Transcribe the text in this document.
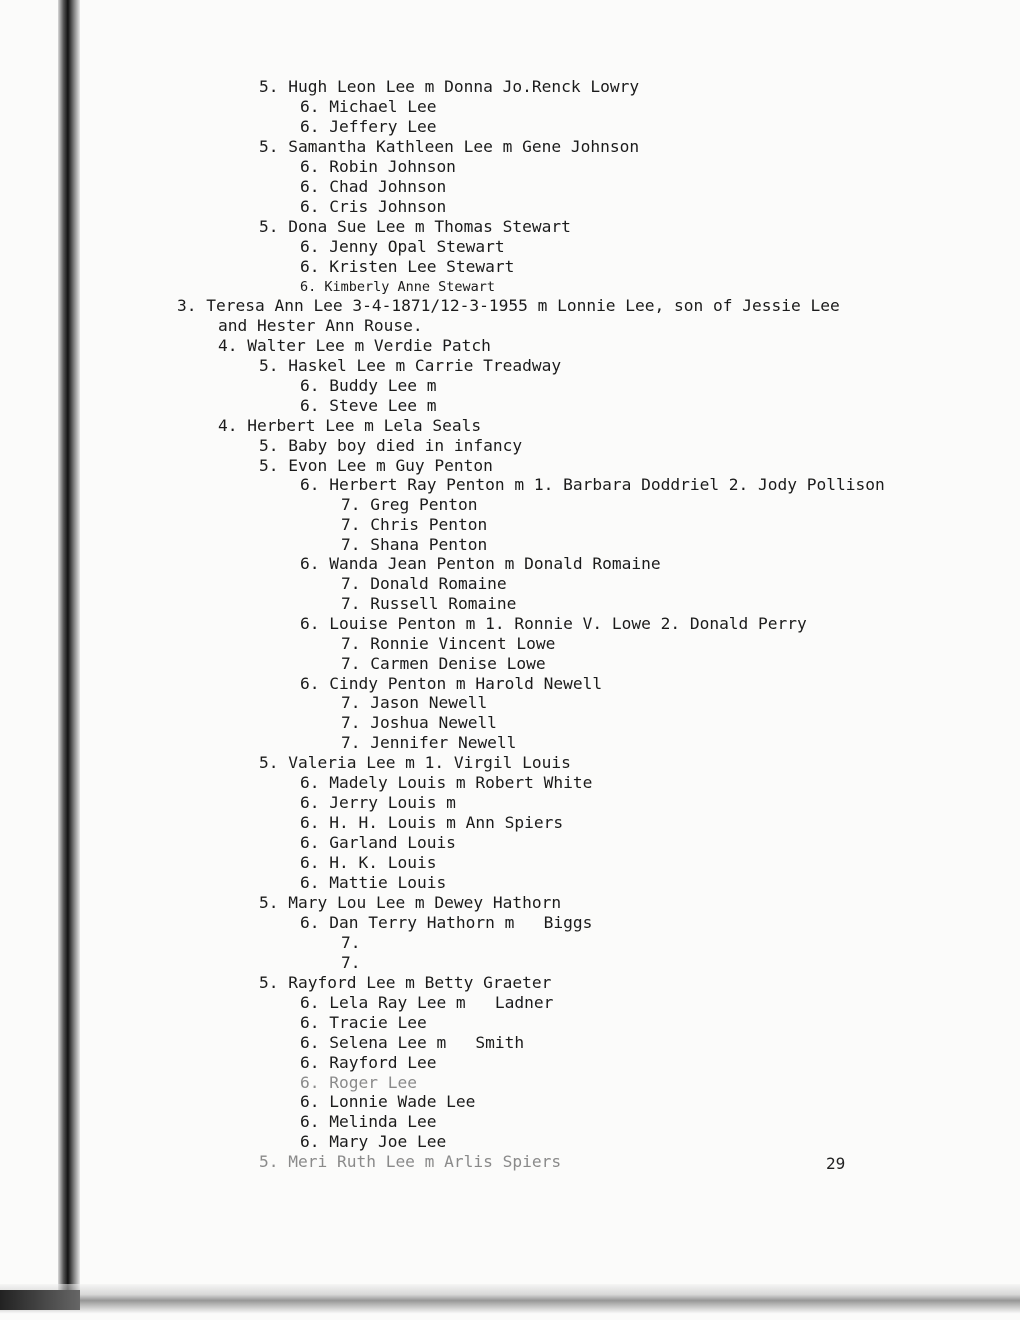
5. Hugh Leon Lee m Donna Jo.Renck Lowry
6. Michael Lee
6. Jeffery Lee
5. Samantha Kathleen Lee m Gene Johnson
6. Robin Johnson
6. Chad Johnson
6. Cris Johnson
5. Dona Sue Lee m Thomas Stewart
6. Jenny Opal Stewart
6. Kristen Lee Stewart
6. Kimberly Anne Stewart
3. Teresa Ann Lee 3-4-1871/12-3-1955 m Lonnie Lee, son of Jessie Lee
and Hester Ann Rouse.
4. Walter Lee m Verdie Patch
5. Haskel Lee m Carrie Treadway
6. Buddy Lee m
6. Steve Lee m
4. Herbert Lee m Lela Seals
5. Baby boy died in infancy
5. Evon Lee m Guy Penton
6. Herbert Ray Penton m 1. Barbara Doddriel 2. Jody Pollison
7. Greg Penton
7. Chris Penton
7. Shana Penton
6. Wanda Jean Penton m Donald Romaine
7. Donald Romaine
7. Russell Romaine
6. Louise Penton m 1. Ronnie V. Lowe 2. Donald Perry
7. Ronnie Vincent Lowe
7. Carmen Denise Lowe
6. Cindy Penton m Harold Newell
7. Jason Newell
7. Joshua Newell
7. Jennifer Newell
5. Valeria Lee m 1. Virgil Louis
6. Madely Louis m Robert White
6. Jerry Louis m
6. H. H. Louis m Ann Spiers
6. Garland Louis
6. H. K. Louis
6. Mattie Louis
5. Mary Lou Lee m Dewey Hathorn
6. Dan Terry Hathorn m   Biggs
7.
7.
5. Rayford Lee m Betty Graeter
6. Lela Ray Lee m   Ladner
6. Tracie Lee
6. Selena Lee m   Smith
6. Rayford Lee
6. Roger Lee
6. Lonnie Wade Lee
6. Melinda Lee
6. Mary Joe Lee
5. Meri Ruth Lee m Arlis Spiers	29
